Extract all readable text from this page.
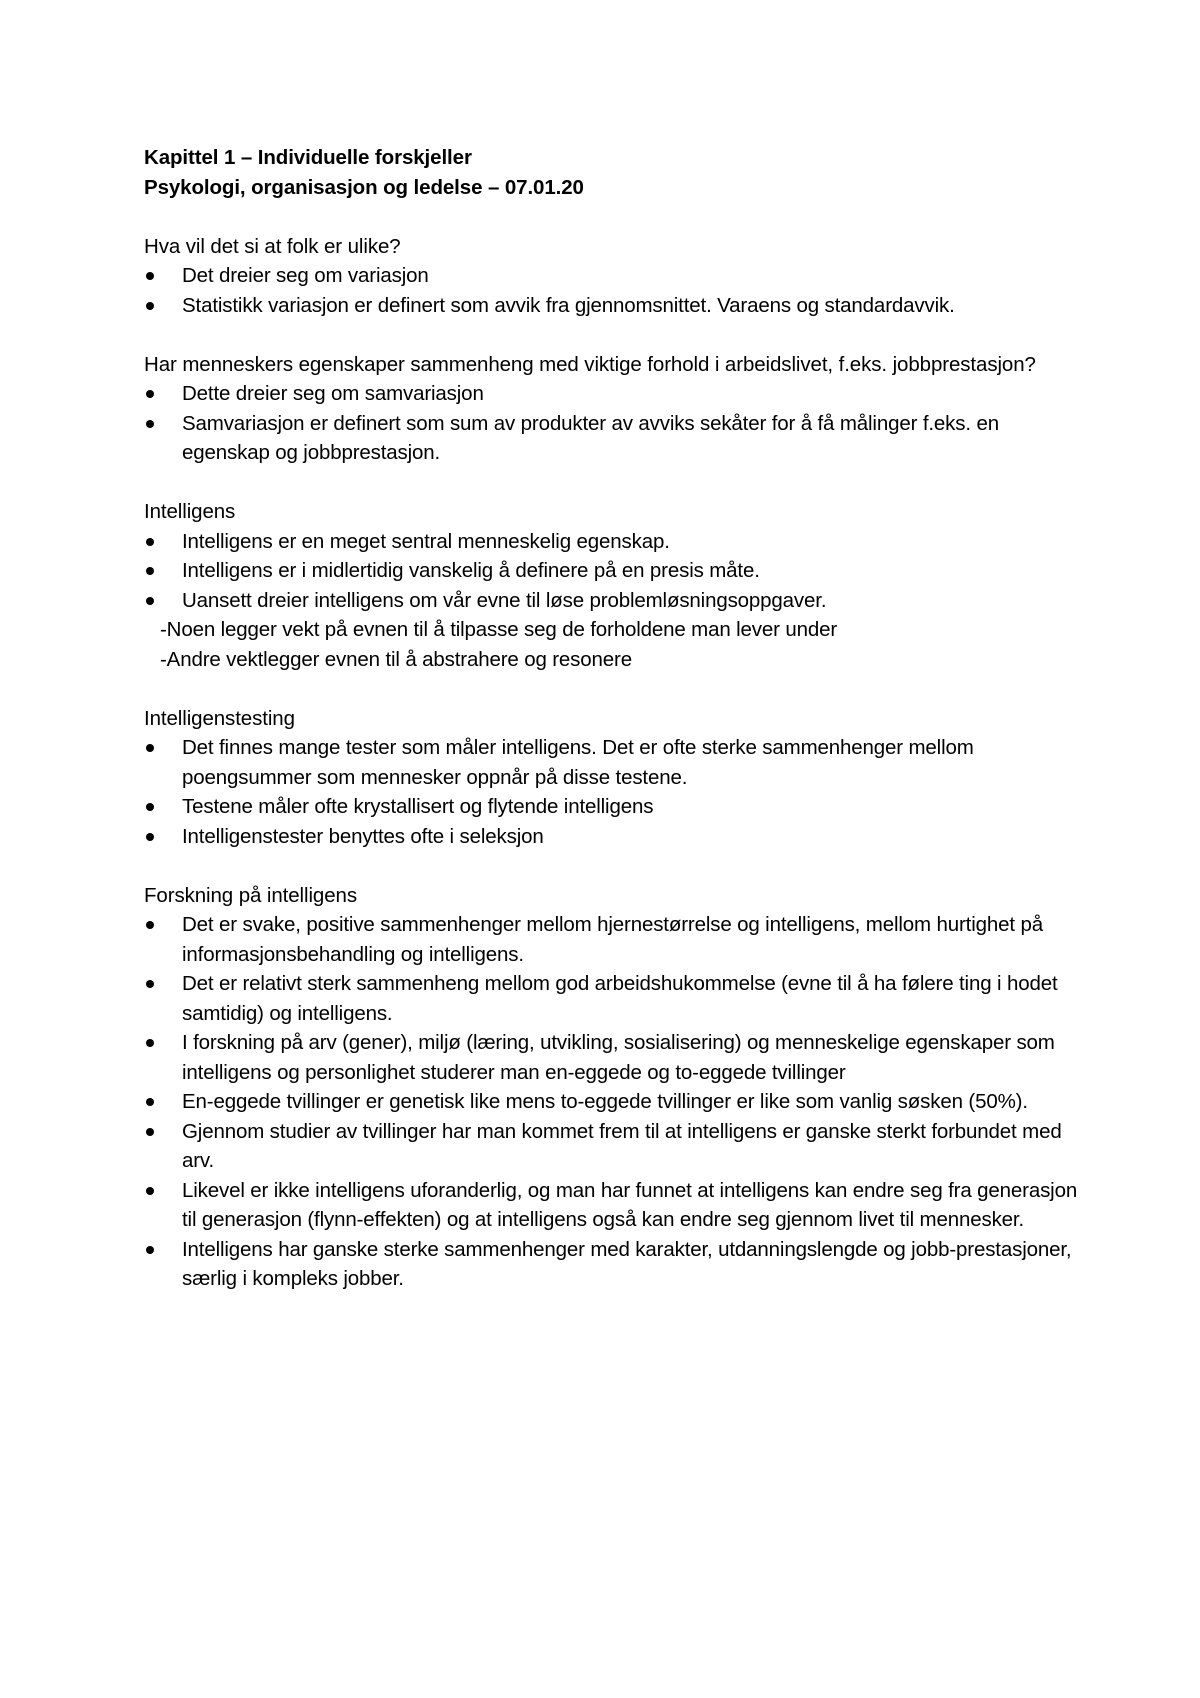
Kapittel 1 – Individuelle forskjeller

Psykologi, organisasjon og ledelse – 07.01.20

Hva vil det si at folk er ulike?

Det dreier seg om variasjon
Statistikk variasjon er definert som avvik fra gjennomsnittet. Varaens og standardavvik.

Har menneskers egenskaper sammenheng med viktige forhold i arbeidslivet, f.eks. jobbprestasjon?

Dette dreier seg om samvariasjon
Samvariasjon er definert som sum av produkter av avviks sekåter for å få målinger f.eks. en egenskap og jobbprestasjon.

Intelligens

Intelligens er en meget sentral menneskelig egenskap.
Intelligens er i midlertidig vanskelig å definere på en presis måte.
Uansett dreier intelligens om vår evne til løse problemløsningsoppgaver.

-Noen legger vekt på evnen til å tilpasse seg de forholdene man lever under

-Andre vektlegger evnen til å abstrahere og resonere

Intelligenstesting

Det finnes mange tester som måler intelligens. Det er ofte sterke sammenhenger mellom poengsummer som mennesker oppnår på disse testene.
Testene måler ofte krystallisert og flytende intelligens
Intelligenstester benyttes ofte i seleksjon

Forskning på intelligens

Det er svake, positive sammenhenger mellom hjernestørrelse og intelligens, mellom hurtighet på informasjonsbehandling og intelligens.
Det er relativt sterk sammenheng mellom god arbeidshukommelse (evne til å ha følere ting i hodet samtidig) og intelligens.
I forskning på arv (gener), miljø (læring, utvikling, sosialisering) og menneskelige egenskaper som intelligens og personlighet studerer man en-eggede og to-eggede tvillinger
En-eggede tvillinger er genetisk like mens to-eggede tvillinger er like som vanlig søsken (50%).
Gjennom studier av tvillinger har man kommet frem til at intelligens er ganske sterkt forbundet med arv.
Likevel er ikke intelligens uforanderlig, og man har funnet at intelligens kan endre seg fra generasjon til generasjon (flynn-effekten) og at intelligens også kan endre seg gjennom livet til mennesker.
Intelligens har ganske sterke sammenhenger med karakter, utdanningslengde og jobb-prestasjoner, særlig i kompleks jobber.
